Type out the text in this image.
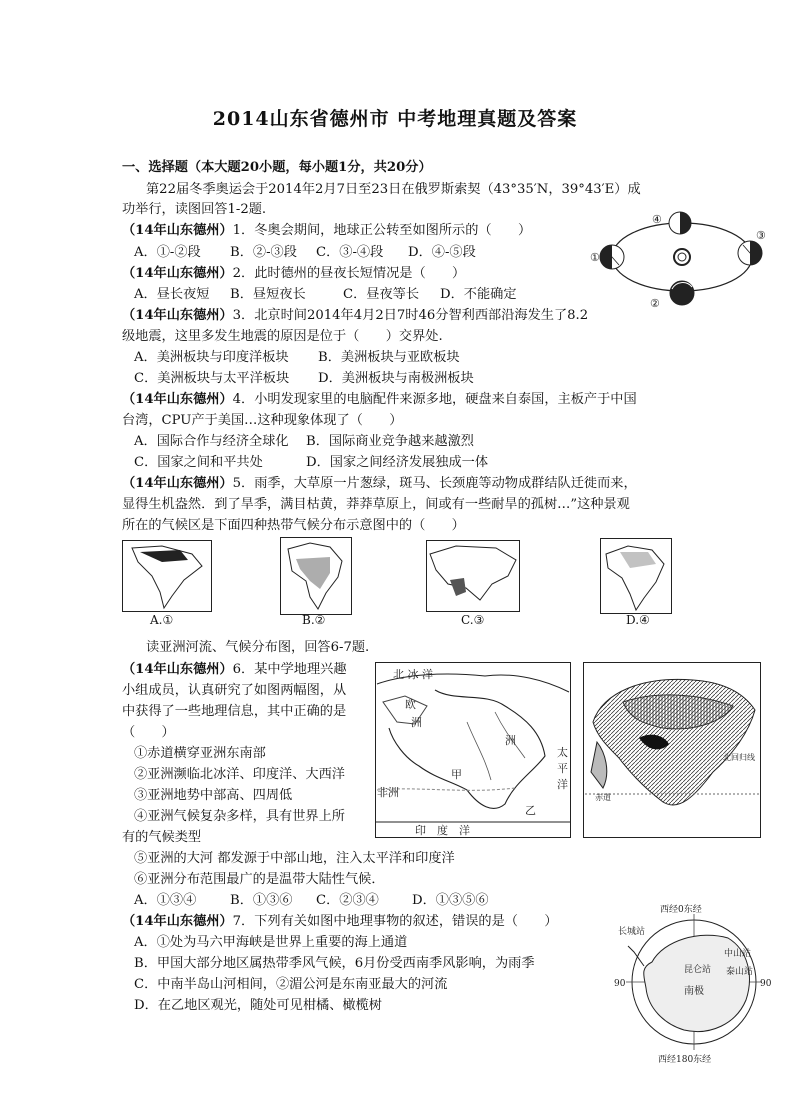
2014山东省德州市 中考地理真题及答案
一、选择题（本大题20小题，每小题1分，共20分）
第22届冬季奥运会于2014年2月7日至23日在俄罗斯索契（43°35′N，39°43′E）成
功举行，读图回答1-2题.
（14年山东德州）1．冬奥会期间，地球正公转至如图所示的（　　）
A．①-②段 B．②-③段 C．③-④段 D．④-⑤段
（14年山东德州）2．此时德州的昼夜长短情况是（　　）
A．昼长夜短 B．昼短夜长	C．昼夜等长 D．不能确定
④
②
①
③
（14年山东德州）3．北京时间2014年4月2日7时46分智利西部沿海发生了8.2
级地震，这里多发生地震的原因是位于（　　）交界处.
A．美洲板块与印度洋板块 B．美洲板块与亚欧板块
C．美洲板块与太平洋板块 D．美洲板块与南极洲板块
（14年山东德州）4．小明发现家里的电脑配件来源多地，硬盘来自泰国，主板产于中国
台湾，CPU产于美国…这种现象体现了（　　）
A．国际合作与经济全球化 B．国际商业竞争越来越激烈
C．国家之间和平共处	D．国家之间经济发展独成一体
（14年山东德州）5．雨季，大草原一片葱绿，斑马、长颈鹿等动物成群结队迁徙而来，
显得生机盎然．到了旱季，满目枯黄，莽莽草原上，间或有一些耐旱的孤树…”这种景观
所在的气候区是下面四种热带气候分布示意图中的（　　）
A.①	B.②	C.③	D.④
读亚洲河流、气候分布图，回答6-7题.
（14年山东德州）6．某中学地理兴趣
小组成员，认真研究了如图两幅图，从
中获得了一些地理信息，其中正确的是
（　　）
①赤道横穿亚洲东南部
②亚洲濒临北冰洋、印度洋、大西洋
③亚洲地势中部高、四周低
④亚洲气候复杂多样，具有世界上所
有的气候类型
⑤亚洲的大河 都发源于中部山地，注入太平洋和印度洋
⑥亚洲分布范围最广的是温带大陆性气候．
A．①③④	B．①③⑥ C．②③④	D．①③⑤⑥
北 冰 洋
欧
洲
洲
太
平
洋
非洲
甲
印　度　洋
乙
北回归线
赤道
（14年山东德州）7．下列有关如图中地理事物的叙述，错误的是（　　）
A．①处为马六甲海峡是世界上重要的海上通道
B．甲国大部分地区属热带季风气候，6月份受西南季风影响，为雨季
C．中南半岛山河相间，②湄公河是东南亚最大的河流
D．在乙地区观光，随处可见柑橘、橄榄树
西经0东经
西经180东经
90	90
长城站
中山站
泰山站
昆仑站
南极
